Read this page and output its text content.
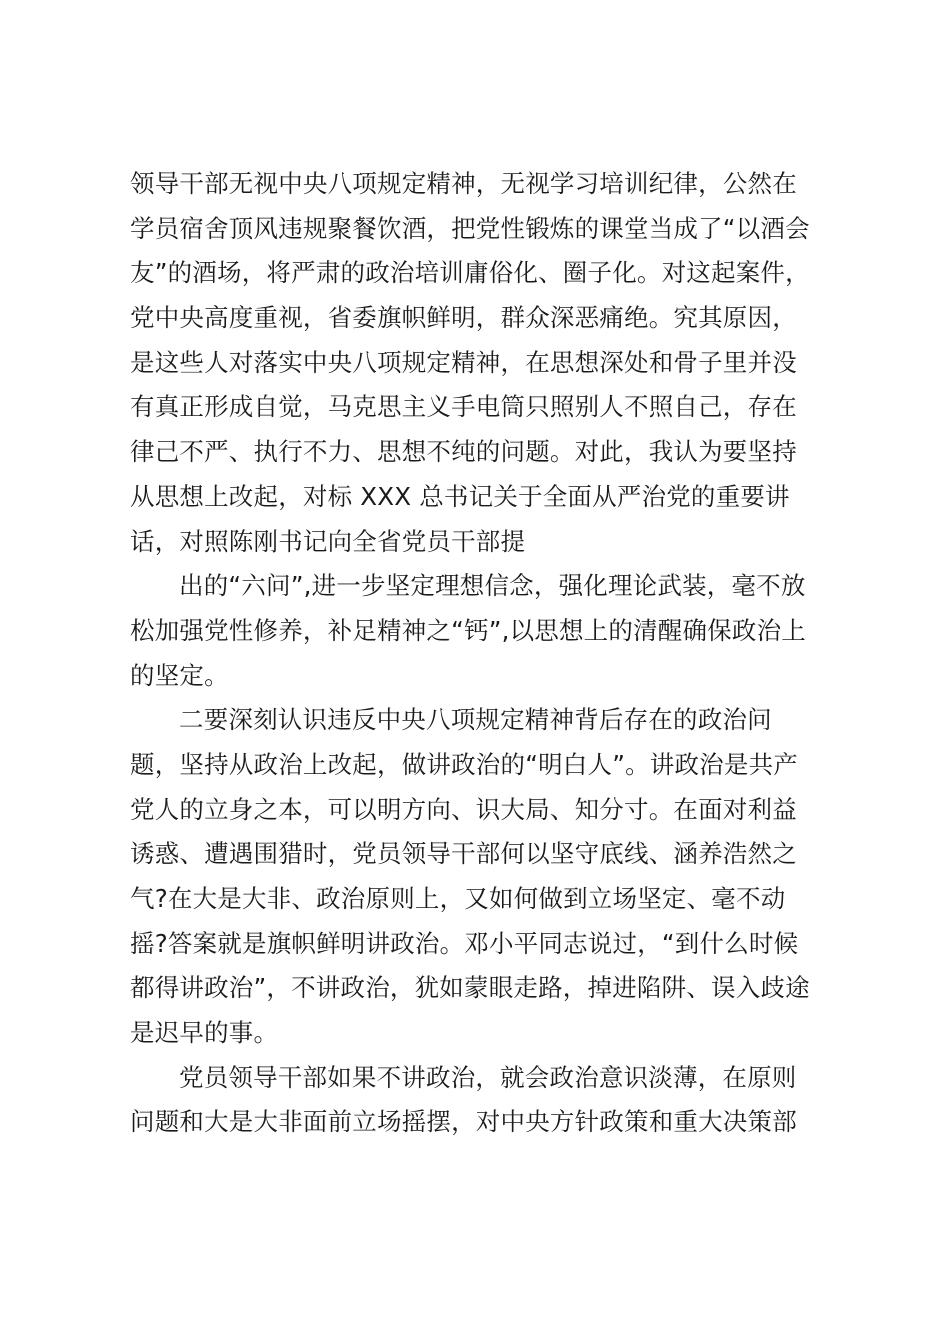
领导干部无视中央八项规定精神，无视学习培训纪律，公然在
学员宿舍顶风违规聚餐饮酒，把党性锻炼的课堂当成了“以酒会
友”的酒场，将严肃的政治培训庸俗化、圈子化。对这起案件，
党中央高度重视，省委旗帜鲜明，群众深恶痛绝。究其原因，
是这些人对落实中央八项规定精神，在思想深处和骨子里并没
有真正形成自觉，马克思主义手电筒只照别人不照自己，存在
律己不严、执行不力、思想不纯的问题。对此，我认为要坚持
从思想上改起，对标 XXX 总书记关于全面从严治党的重要讲
话，对照陈刚书记向全省党员干部提
出的“六问”,进一步坚定理想信念，强化理论武装，毫不放
松加强党性修养，补足精神之“钙”,以思想上的清醒确保政治上
的坚定。
二要深刻认识违反中央八项规定精神背后存在的政治问
题，坚持从政治上改起，做讲政治的“明白人”。讲政治是共产
党人的立身之本，可以明方向、识大局、知分寸。在面对利益
诱惑、遭遇围猎时，党员领导干部何以坚守底线、涵养浩然之
气?在大是大非、政治原则上，又如何做到立场坚定、毫不动
摇?答案就是旗帜鲜明讲政治。邓小平同志说过，“到什么时候
都得讲政治”，不讲政治，犹如蒙眼走路，掉进陷阱、误入歧途
是迟早的事。
党员领导干部如果不讲政治，就会政治意识淡薄，在原则
问题和大是大非面前立场摇摆，对中央方针政策和重大决策部
